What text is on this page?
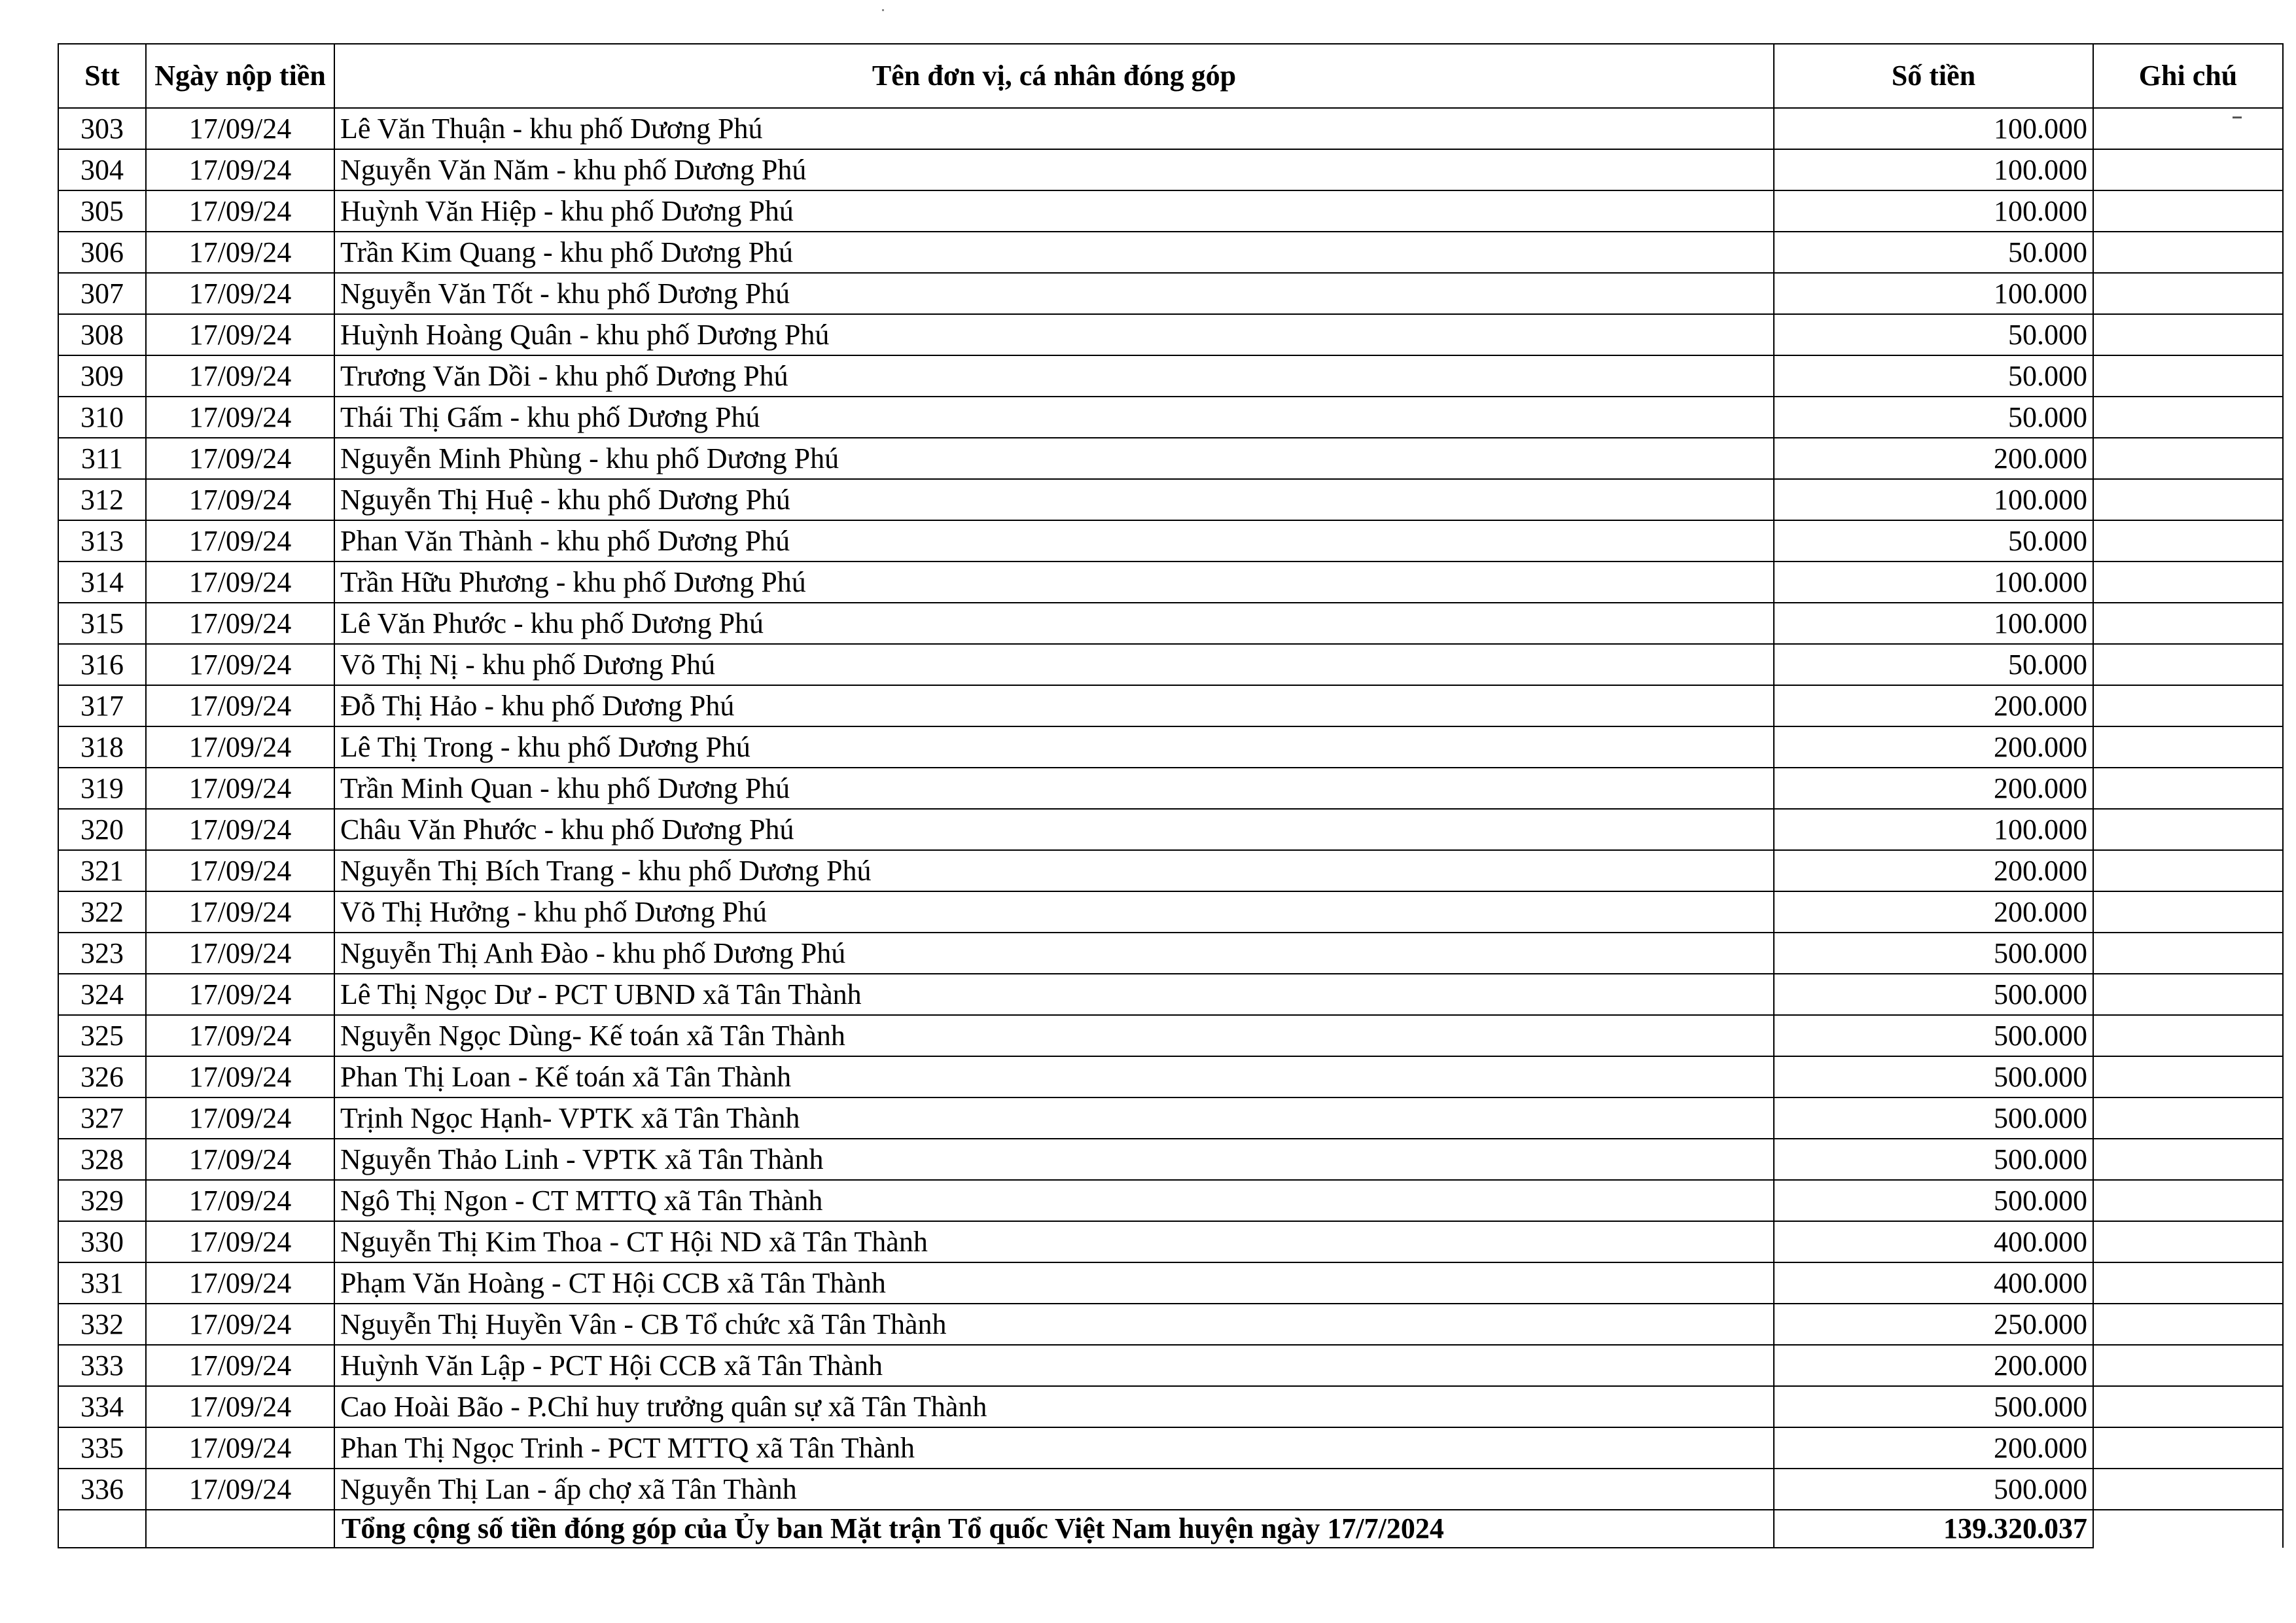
Stt	Ngày nộp tiền	Tên đơn vị, cá nhân đóng góp	Số tiền	Ghi chú
303	17/09/24	Lê Văn Thuận - khu phố Dương Phú	100.000	
304	17/09/24	Nguyễn Văn Năm - khu phố Dương Phú	100.000	
305	17/09/24	Huỳnh Văn Hiệp - khu phố Dương Phú	100.000	
306	17/09/24	Trần Kim Quang - khu phố Dương Phú	50.000	
307	17/09/24	Nguyễn Văn Tốt - khu phố Dương Phú	100.000	
308	17/09/24	Huỳnh Hoàng Quân - khu phố Dương Phú	50.000	
309	17/09/24	Trương Văn Dồi - khu phố Dương Phú	50.000	
310	17/09/24	Thái Thị Gấm - khu phố Dương Phú	50.000	
311	17/09/24	Nguyễn Minh Phùng - khu phố Dương Phú	200.000	
312	17/09/24	Nguyễn Thị Huệ - khu phố Dương Phú	100.000	
313	17/09/24	Phan Văn Thành - khu phố Dương Phú	50.000	
314	17/09/24	Trần Hữu Phương - khu phố Dương Phú	100.000	
315	17/09/24	Lê Văn Phước - khu phố Dương Phú	100.000	
316	17/09/24	Võ Thị Nị - khu phố Dương Phú	50.000	
317	17/09/24	Đỗ Thị Hảo - khu phố Dương Phú	200.000	
318	17/09/24	Lê Thị Trong - khu phố Dương Phú	200.000	
319	17/09/24	Trần Minh Quan - khu phố Dương Phú	200.000	
320	17/09/24	Châu Văn Phước - khu phố Dương Phú	100.000	
321	17/09/24	Nguyễn Thị Bích Trang - khu phố Dương Phú	200.000	
322	17/09/24	Võ Thị Hưởng - khu phố Dương Phú	200.000	
323	17/09/24	Nguyễn Thị Anh Đào - khu phố Dương Phú	500.000	
324	17/09/24	Lê Thị Ngọc Dư - PCT UBND xã Tân Thành	500.000	
325	17/09/24	Nguyễn Ngọc Dùng- Kế toán xã Tân Thành	500.000	
326	17/09/24	Phan Thị Loan - Kế toán xã Tân Thành	500.000	
327	17/09/24	Trịnh Ngọc Hạnh- VPTK xã Tân Thành	500.000	
328	17/09/24	Nguyễn Thảo Linh - VPTK xã Tân Thành	500.000	
329	17/09/24	Ngô Thị Ngon - CT MTTQ xã Tân Thành	500.000	
330	17/09/24	Nguyễn Thị Kim Thoa - CT Hội ND xã Tân Thành	400.000	
331	17/09/24	Phạm Văn Hoàng - CT Hội CCB xã Tân Thành	400.000	
332	17/09/24	Nguyễn Thị Huyền Vân - CB Tổ chức xã Tân Thành	250.000	
333	17/09/24	Huỳnh Văn Lập - PCT Hội CCB xã Tân Thành	200.000	
334	17/09/24	Cao Hoài Bão - P.Chỉ huy trưởng quân sự xã Tân Thành	500.000	
335	17/09/24	Phan Thị Ngọc Trinh - PCT MTTQ xã Tân Thành	200.000	
336	17/09/24	Nguyễn Thị Lan - ấp chợ xã Tân Thành	500.000	
		Tổng cộng số tiền đóng góp của Ủy ban Mặt trận Tổ quốc Việt Nam huyện ngày 17/7/2024	139.320.037	
